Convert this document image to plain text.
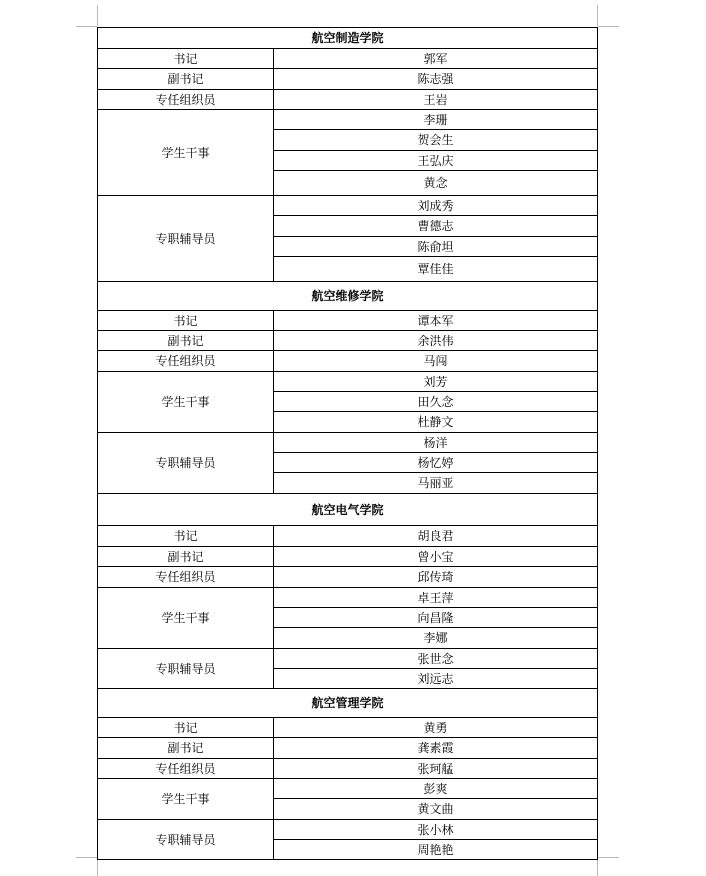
航空制造学院	
书记	郭军
副书记	陈志强
专任组织员	王岩
学生干事	李珊
	贺会生
	王弘庆
	黄念
专职辅导员	刘成秀
	曹德志
	陈俞坦
	覃佳佳
航空维修学院	
书记	谭本军
副书记	余洪伟
专任组织员	马闯
学生干事	刘芳
	田久念
	杜静文
专职辅导员	杨洋
	杨忆婷
	马丽亚
航空电气学院	
书记	胡良君
副书记	曾小宝
专任组织员	邱传琦
学生干事	卓王萍
	向昌隆
	李娜
专职辅导员	张世念
	刘远志
航空管理学院	
书记	黄勇
副书记	龚素霞
专任组织员	张珂艋
学生干事	彭爽
	黄文曲
专职辅导员	张小林
	周艳艳
